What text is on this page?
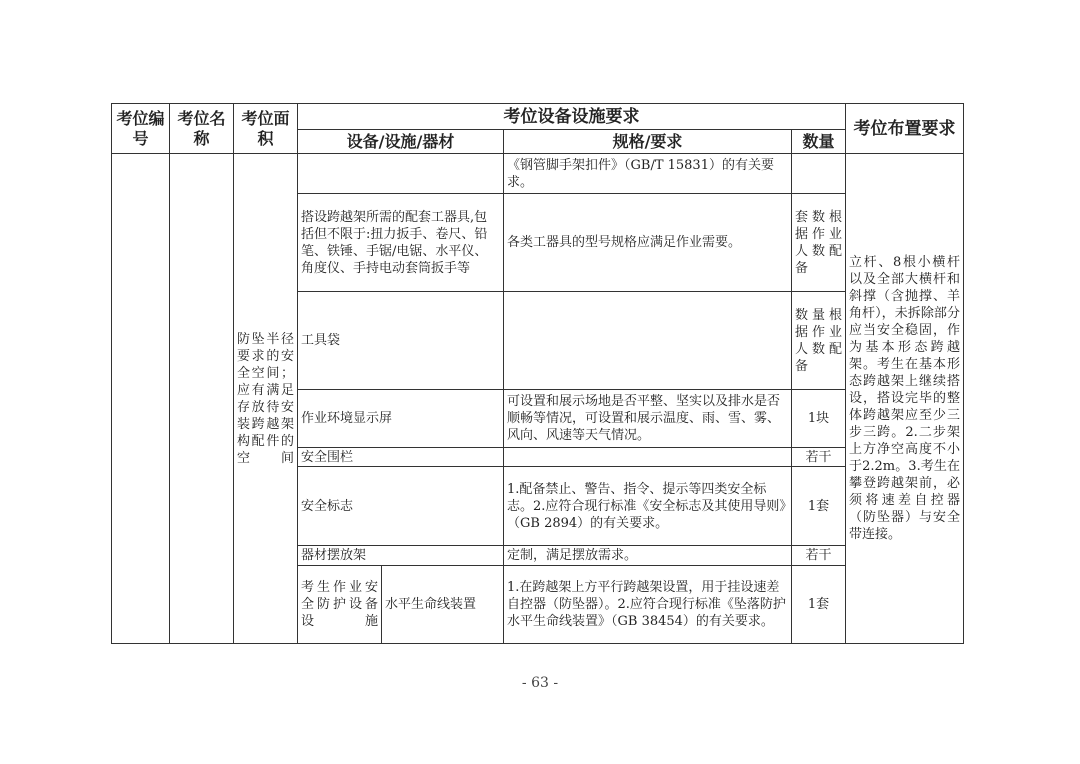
考位编号	考位名称	考位面积	考位设备设施要求				考位布置要求
			设备/设施/器材		规格/要求	数量	
		防坠半径要求的安全空间；应有满足存放待安装跨越架构配件的空间			《钢管脚手架扣件》（GB/T 15831）的有关要求。		立杆、8根小横杆以及全部大横杆和斜撑（含抛撑、羊角杆），未拆除部分应当安全稳固，作为基本形态跨越架。考生在基本形态跨越架上继续搭设，搭设完毕的整体跨越架应至少三步三跨。2.二步架上方净空高度不小于2.2m。3.考生在攀登跨越架前，必须将速差自控器（防坠器）与安全带连接。
			搭设跨越架所需的配套工器具,包括但不限于:扭力扳手、卷尺、铅笔、铁锤、手锯/电锯、水平仪、角度仪、手持电动套筒扳手等		各类工器具的型号规格应满足作业需要。	套数根据作业人数配备	
			工具袋			数量根据作业人数配备	
			作业环境显示屏		可设置和展示场地是否平整、坚实以及排水是否顺畅等情况，可设置和展示温度、雨、雪、雾、风向、风速等天气情况。	1块	
			安全围栏			若干	
			安全标志		1.配备禁止、警告、指令、提示等四类安全标志。2.应符合现行标准《安全标志及其使用导则》（GB 2894）的有关要求。	1套	
			器材摆放架		定制，满足摆放需求。	若干	
			考生作业安全防护设备设施	水平生命线装置	1.在跨越架上方平行跨越架设置，用于挂设速差自控器（防坠器）。2.应符合现行标准《坠落防护 水平生命线装置》（GB 38454）的有关要求。	1套	
- 63 -
